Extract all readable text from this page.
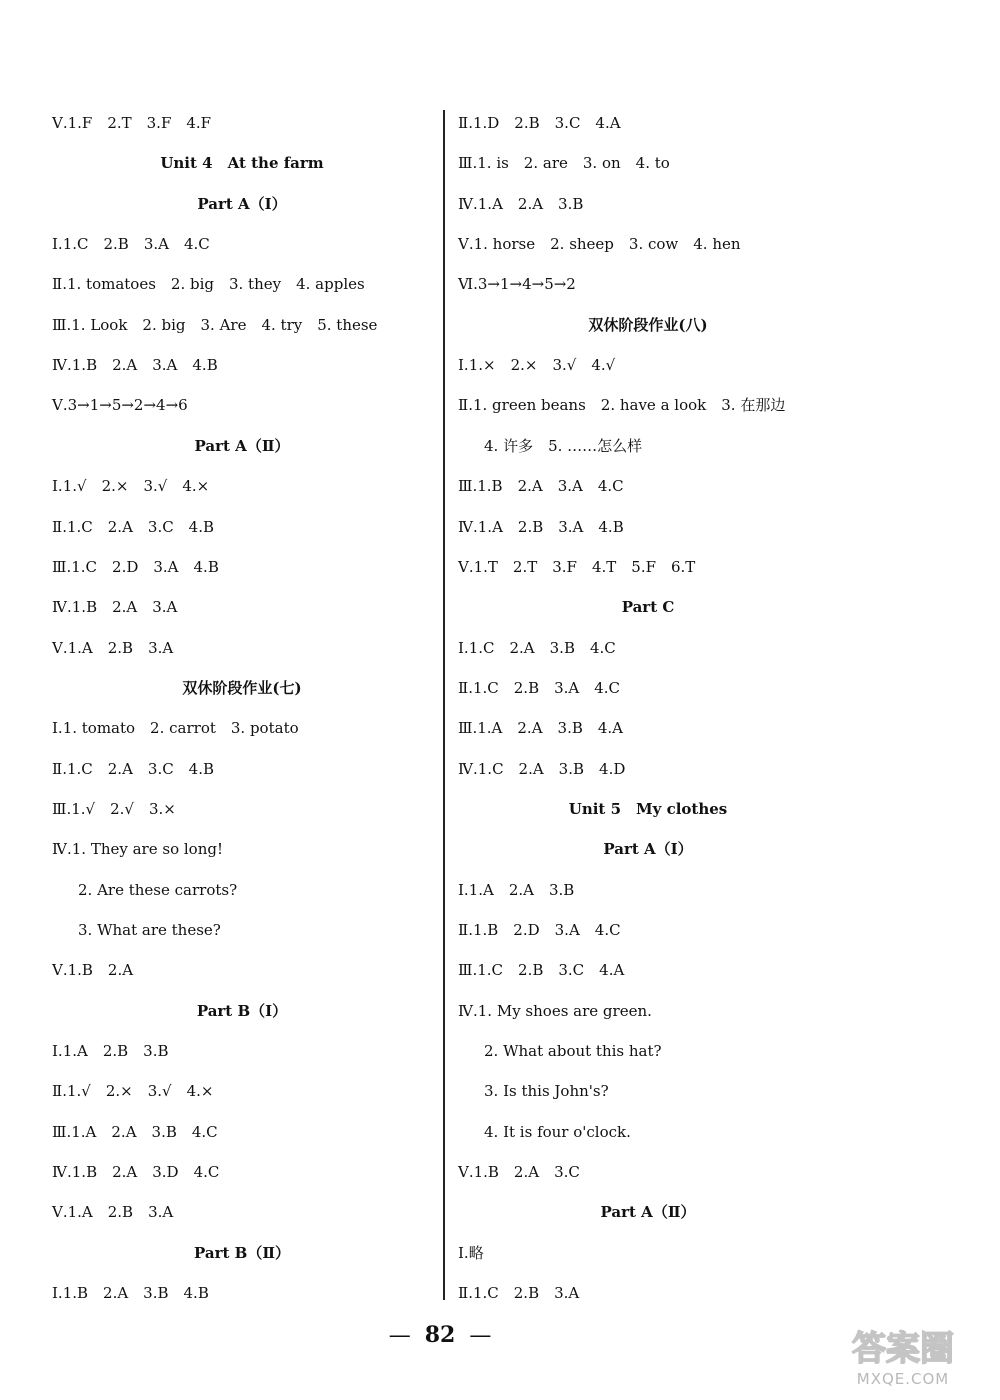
Ⅴ.1.F　2.T　3.F　4.F
Unit 4　At the farm
Part A（Ⅰ）
Ⅰ.1.C　2.B　3.A　4.C
Ⅱ.1. tomatoes　2. big　3. they　4. apples
Ⅲ.1. Look　2. big　3. Are　4. try　5. these
Ⅳ.1.B　2.A　3.A　4.B
Ⅴ.3→1→5→2→4→6
Part A（Ⅱ）
Ⅰ.1.√　2.×　3.√　4.×
Ⅱ.1.C　2.A　3.C　4.B
Ⅲ.1.C　2.D　3.A　4.B
Ⅳ.1.B　2.A　3.A
Ⅴ.1.A　2.B　3.A
双休阶段作业(七)
Ⅰ.1. tomato　2. carrot　3. potato
Ⅱ.1.C　2.A　3.C　4.B
Ⅲ.1.√　2.√　3.×
Ⅳ.1. They are so long!
2. Are these carrots?
3. What are these?
Ⅴ.1.B　2.A
Part B（Ⅰ）
Ⅰ.1.A　2.B　3.B
Ⅱ.1.√　2.×　3.√　4.×
Ⅲ.1.A　2.A　3.B　4.C
Ⅳ.1.B　2.A　3.D　4.C
Ⅴ.1.A　2.B　3.A
Part B（Ⅱ）
Ⅰ.1.B　2.A　3.B　4.B
Ⅱ.1.D　2.B　3.C　4.A
Ⅲ.1. is　2. are　3. on　4. to
Ⅳ.1.A　2.A　3.B
Ⅴ.1. horse　2. sheep　3. cow　4. hen
Ⅵ.3→1→4→5→2
双休阶段作业(八)
Ⅰ.1.×　2.×　3.√　4.√
Ⅱ.1. green beans　2. have a look　3. 在那边
4. 许多　5. ……怎么样
Ⅲ.1.B　2.A　3.A　4.C
Ⅳ.1.A　2.B　3.A　4.B
Ⅴ.1.T　2.T　3.F　4.T　5.F　6.T
Part C
Ⅰ.1.C　2.A　3.B　4.C
Ⅱ.1.C　2.B　3.A　4.C
Ⅲ.1.A　2.A　3.B　4.A
Ⅳ.1.C　2.A　3.B　4.D
Unit 5　My clothes
Part A（Ⅰ）
Ⅰ.1.A　2.A　3.B
Ⅱ.1.B　2.D　3.A　4.C
Ⅲ.1.C　2.B　3.C　4.A
Ⅳ.1. My shoes are green.
2. What about this hat?
3. Is this John's?
4. It is four o'clock.
Ⅴ.1.B　2.A　3.C
Part A（Ⅱ）
Ⅰ.略
Ⅱ.1.C　2.B　3.A
— 82 —	答案圈
MXQE.COM
